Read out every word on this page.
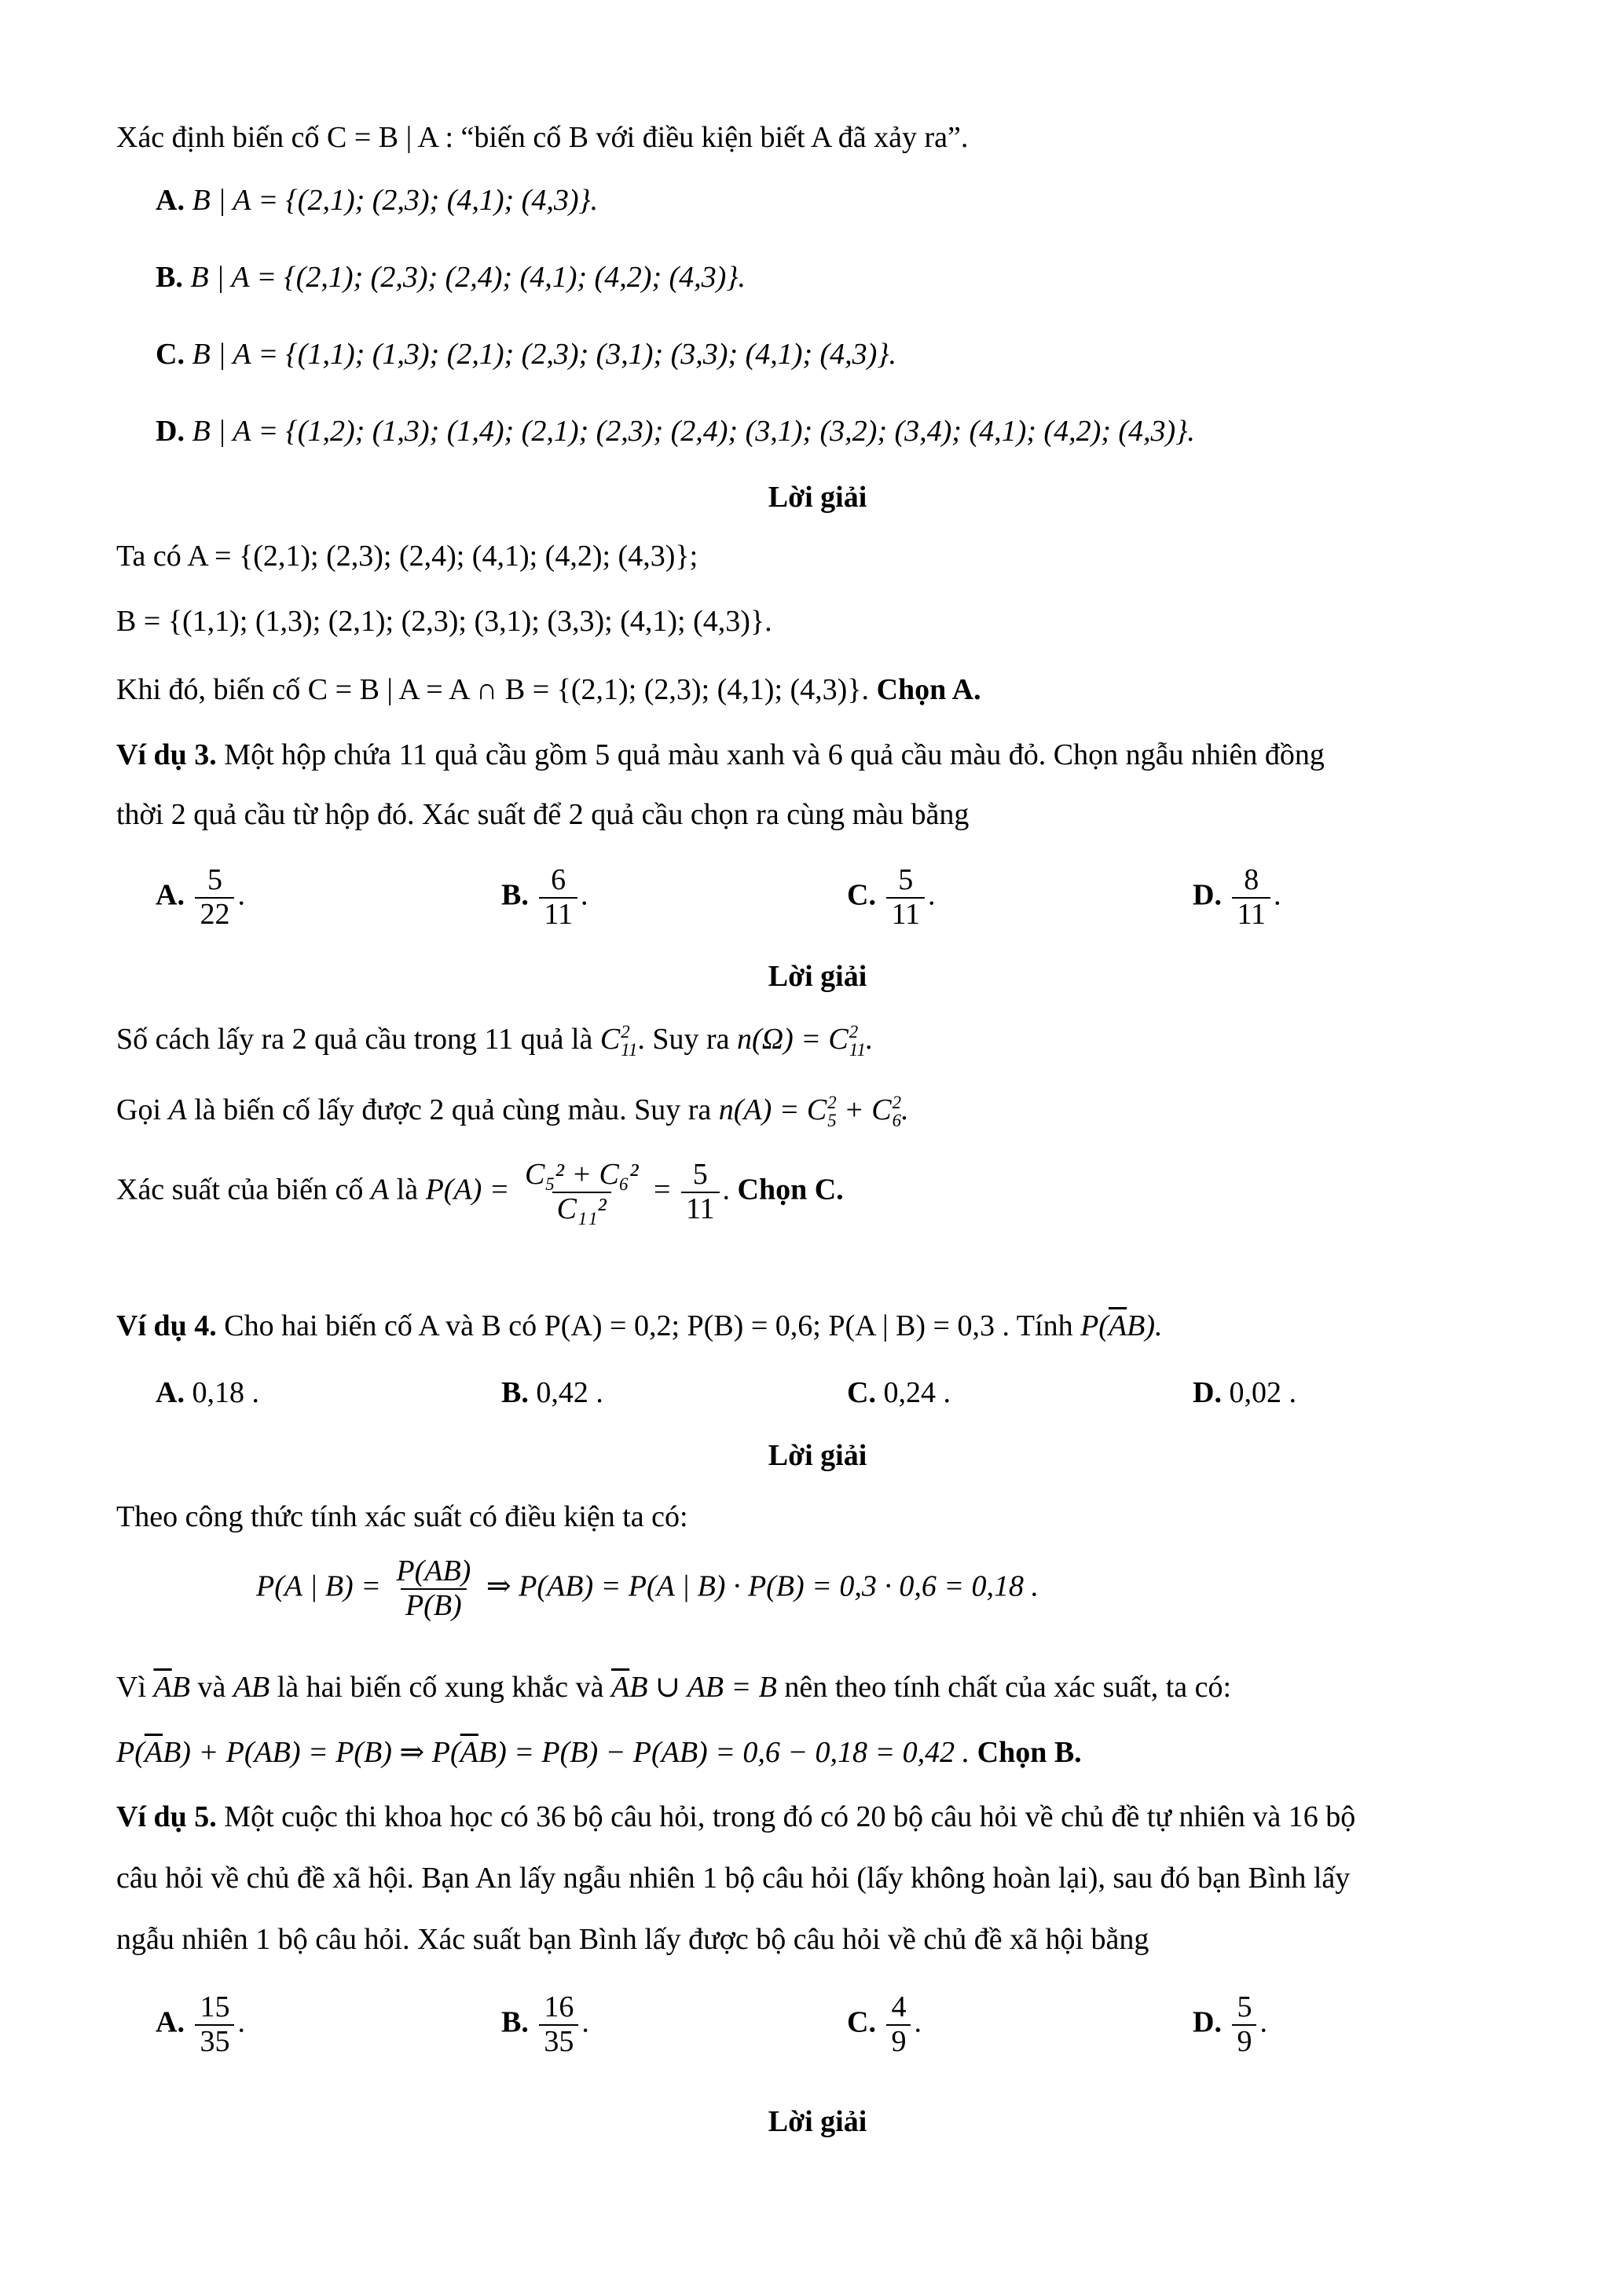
Xác định biến cố C = B | A : “biến cố B với điều kiện biết A đã xảy ra”.
A. B | A = {(2,1); (2,3); (4,1); (4,3)}.
B. B | A = {(2,1); (2,3); (2,4); (4,1); (4,2); (4,3)}.
C. B | A = {(1,1); (1,3); (2,1); (2,3); (3,1); (3,3); (4,1); (4,3)}.
D. B | A = {(1,2); (1,3); (1,4); (2,1); (2,3); (2,4); (3,1); (3,2); (3,4); (4,1); (4,2); (4,3)}.
Lời giải
Ta có A = {(2,1); (2,3); (2,4); (4,1); (4,2); (4,3)};
B = {(1,1); (1,3); (2,1); (2,3); (3,1); (3,3); (4,1); (4,3)}.
Khi đó, biến cố C = B | A = A ∩ B = {(2,1); (2,3); (4,1); (4,3)}. Chọn A.
Ví dụ 3. Một hộp chứa 11 quả cầu gồm 5 quả màu xanh và 6 quả cầu màu đỏ. Chọn ngẫu nhiên đồng
thời 2 quả cầu từ hộp đó. Xác suất để 2 quả cầu chọn ra cùng màu bằng
A. $\frac{5}{22}$ .	B. $\frac{6}{11}$ .	C. $\frac{5}{11}$ .	D. $\frac{8}{11}$ .
Lời giải
Số cách lấy ra 2 quả cầu trong 11 quả là C 2
11 . Suy ra n(Ω) = C 2
11 .
Gọi A là biến cố lấy được 2 quả cùng màu. Suy ra n(A) = C 2
5 + C 2
6 .
Xác suất của biến cố A là $P(A) = \frac{\text{C₅² + C₆²}}{\text{C₁₁²}} = \frac{5}{11}$ . Chọn C.
Ví dụ 4. Cho hai biến cố A và B có P(A) = 0,2; P(B) = 0,6; P(A | B) = 0,3 . Tính $P(\overline{A}B)$.
A. 0,18 .	B. 0,42 .	C. 0,24 .	D. 0,02 .
Lời giải
Theo công thức tính xác suất có điều kiện ta có:
P(A | $B) = \frac{P(AB)}{P(B)}$ ⇒ P(AB) = P(A | B) · P(B) = 0,3 · 0,6 = 0,18 .
Vì $\overline{A}B$ và AB là hai biến cố xung khắc và $\overline{A}B$ ∪ AB = B nên theo tính chất của xác suất, ta có:
$P(\overline{A}B) + P(AB) = P(B)$ ⇒ $P(\overline{A}B) = P(B) - P(AB) = 0,6 - 0,18 = 0,42$ . Chọn B.
Ví dụ 5. Một cuộc thi khoa học có 36 bộ câu hỏi, trong đó có 20 bộ câu hỏi về chủ đề tự nhiên và 16 bộ
câu hỏi về chủ đề xã hội. Bạn An lấy ngẫu nhiên 1 bộ câu hỏi (lấy không hoàn lại), sau đó bạn Bình lấy
ngẫu nhiên 1 bộ câu hỏi. Xác suất bạn Bình lấy được bộ câu hỏi về chủ đề xã hội bằng
A. $\frac{15}{35}$ .	B. $\frac{16}{35}$ .	C. $\frac{4}{9}$ .	D. $\frac{5}{9}$ .
Lời giải
